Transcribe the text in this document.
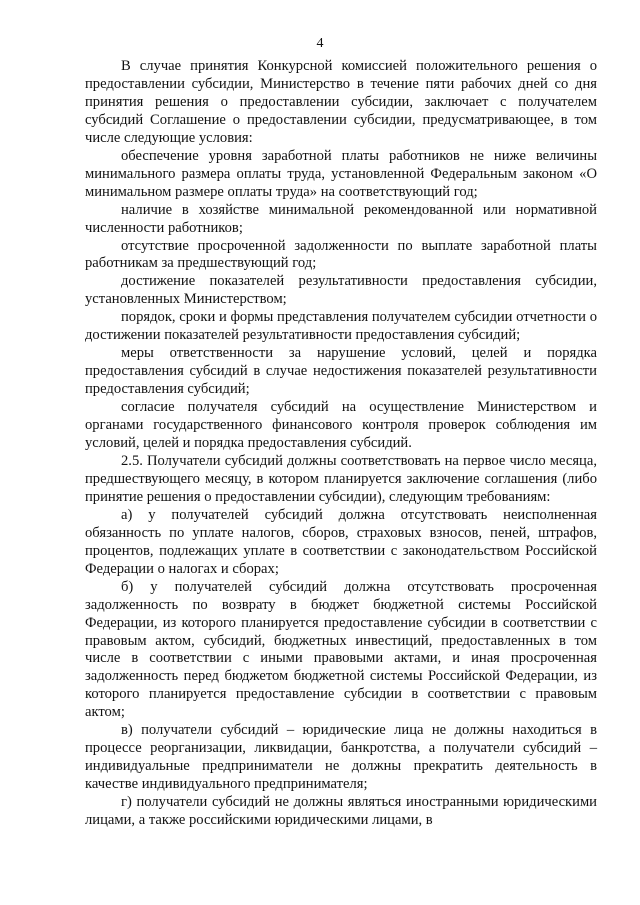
4

В случае принятия Конкурсной комиссией положительного решения о предоставлении субсидии, Министерство в течение пяти рабочих дней со дня принятия решения о предоставлении субсидии, заключает с получателем субсидий Соглашение о предоставлении субсидии, предусматривающее, в том числе следующие условия:

обеспечение уровня заработной платы работников не ниже величины минимального размера оплаты труда, установленной Федеральным законом «О минимальном размере оплаты труда» на соответствующий год;

наличие в хозяйстве минимальной рекомендованной или нормативной численности работников;

отсутствие просроченной задолженности по выплате заработной платы работникам за предшествующий год;

достижение показателей результативности предоставления субсидии, установленных Министерством;

порядок, сроки и формы представления получателем субсидии отчетности о достижении показателей результативности предоставления субсидий;

меры ответственности за нарушение условий, целей и порядка предоставления субсидий в случае недостижения показателей результативности предоставления субсидий;

согласие получателя субсидий на осуществление Министерством и органами государственного финансового контроля проверок соблюдения им условий, целей и порядка предоставления субсидий.

2.5. Получатели субсидий должны соответствовать на первое число месяца, предшествующего месяцу, в котором планируется заключение соглашения (либо принятие решения о предоставлении субсидии), следующим требованиям:

а) у получателей субсидий должна отсутствовать неисполненная обязанность по уплате налогов, сборов, страховых взносов, пеней, штрафов, процентов, подлежащих уплате в соответствии с законодательством Российской Федерации о налогах и сборах;

б) у получателей субсидий должна отсутствовать просроченная задолженность по возврату в бюджет бюджетной системы Российской Федерации, из которого планируется предоставление субсидии в соответствии с правовым актом, субсидий, бюджетных инвестиций, предоставленных в том числе в соответствии с иными правовыми актами, и иная просроченная задолженность перед бюджетом бюджетной системы Российской Федерации, из которого планируется предоставление субсидии в соответствии с правовым актом;

в) получатели субсидий – юридические лица не должны находиться в процессе реорганизации, ликвидации, банкротства, а получатели субсидий – индивидуальные предприниматели не должны прекратить деятельность в качестве индивидуального предпринимателя;

г) получатели субсидий не должны являться иностранными юридическими лицами, а также российскими юридическими лицами, в
